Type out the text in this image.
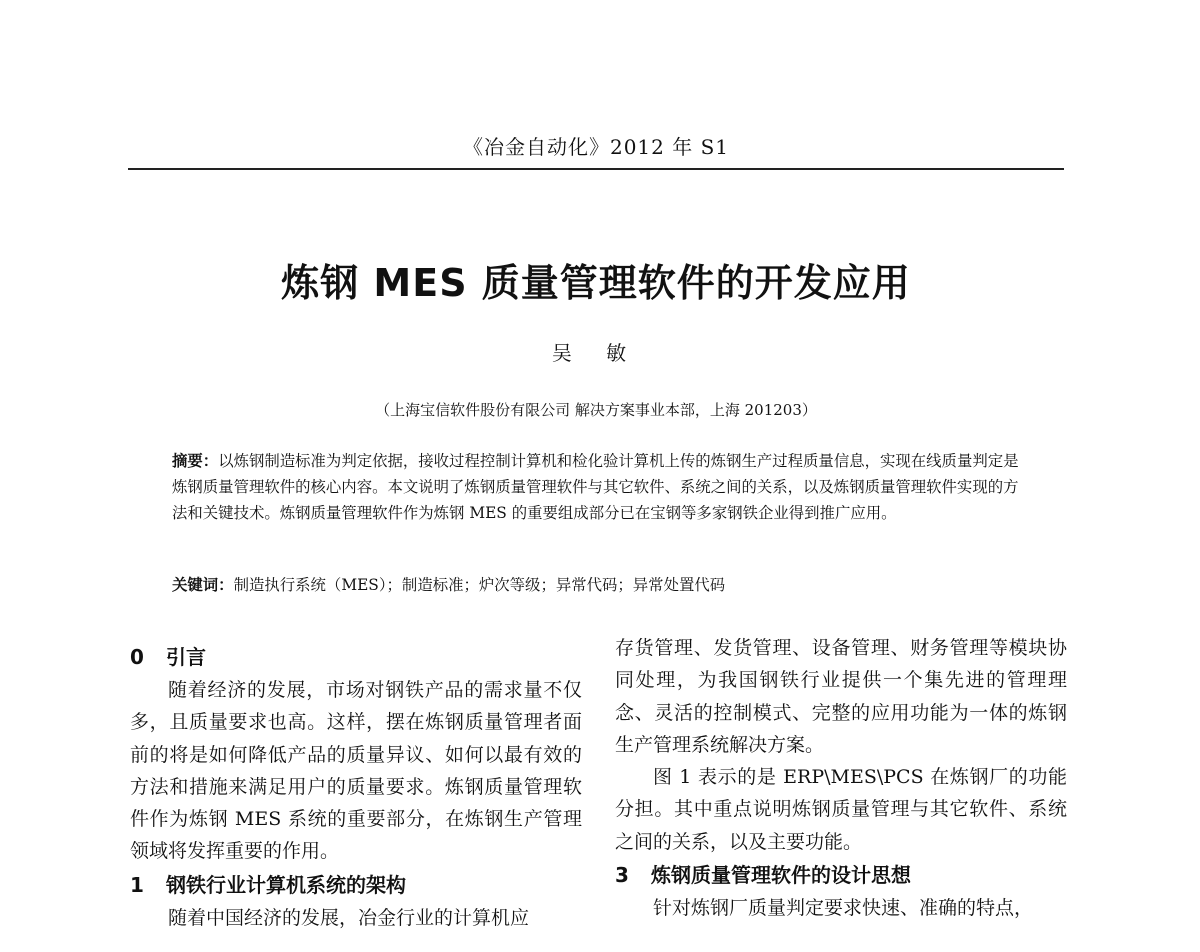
《冶金自动化》2012 年 S1
炼钢 MES 质量管理软件的开发应用
吴 敏
（上海宝信软件股份有限公司 解决方案事业本部，上海 201203）

摘要：以炼钢制造标准为判定依据，接收过程控制计算机和检化验计算机上传的炼钢生产过程质量信息，实现在线质量判定是炼钢质量管理软件的核心内容。本文说明了炼钢质量管理软件与其它软件、系统之间的关系，以及炼钢质量管理软件实现的方法和关键技术。炼钢质量管理软件作为炼钢 MES 的重要组成部分已在宝钢等多家钢铁企业得到推广应用。

关键词：制造执行系统（MES）；制造标准；炉次等级；异常代码；异常处置代码

0 引言

随着经济的发展，市场对钢铁产品的需求量不仅多，且质量要求也高。这样，摆在炼钢质量管理者面前的将是如何降低产品的质量异议、如何以最有效的方法和措施来满足用户的质量要求。炼钢质量管理软件作为炼钢 MES 系统的重要部分，在炼钢生产管理领域将发挥重要的作用。

1 钢铁行业计算机系统的架构

随着中国经济的发展，冶金行业的计算机应

存货管理、发货管理、设备管理、财务管理等模块协同处理，为我国钢铁行业提供一个集先进的管理理念、灵活的控制模式、完整的应用功能为一体的炼钢生产管理系统解决方案。

图 1 表示的是 ERP\MES\PCS 在炼钢厂的功能分担。其中重点说明炼钢质量管理与其它软件、系统之间的关系，以及主要功能。

3 炼钢质量管理软件的设计思想

针对炼钢厂质量判定要求快速、准确的特点，
